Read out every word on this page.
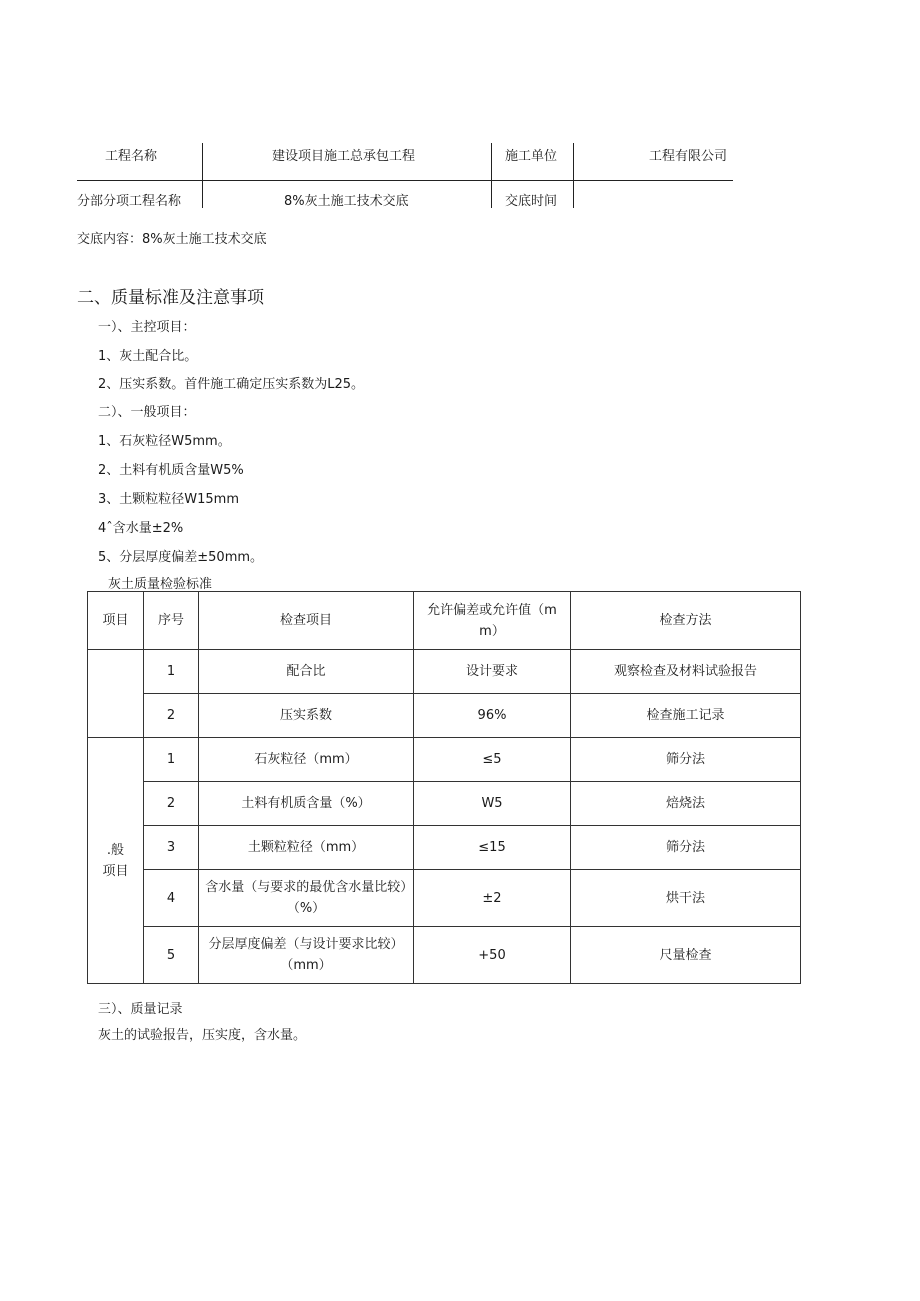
工程名称	建设项目施工总承包工程	施工单位	工程有限公司
分部分项工程名称	8%灰土施工技术交底	交底时间
交底内容：8%灰土施工技术交底
二、质量标准及注意事项
一）、主控项目：
1、灰土配合比。
2、压实系数。首件施工确定压实系数为L25。
二）、一般项目：
1、石灰粒径W5mm。
2、土料有机质含量W5%
3、土颗粒粒径W15mm
4ˆ含水量±2%
5、分层厚度偏差±50mm。
灰土质量检验标准
项目	序号	检查项目	允许偏差或允许值（mm）	检查方法
	1	配合比	设计要求	观察检查及材料试验报告
	2	压实系数	96%	检查施工记录
.般项目	1	石灰粒径（mm）	≤5	筛分法
	2	土料有机质含量（%）	W5	焙烧法
	3	土颗粒粒径（mm）	≤15	筛分法
	4	含水量（与要求的最优含水量比较）（%）	±2	烘干法
	5	分层厚度偏差（与设计要求比较）（mm）	+50	尺量检查
三）、质量记录
灰土的试验报告，压实度，含水量。
